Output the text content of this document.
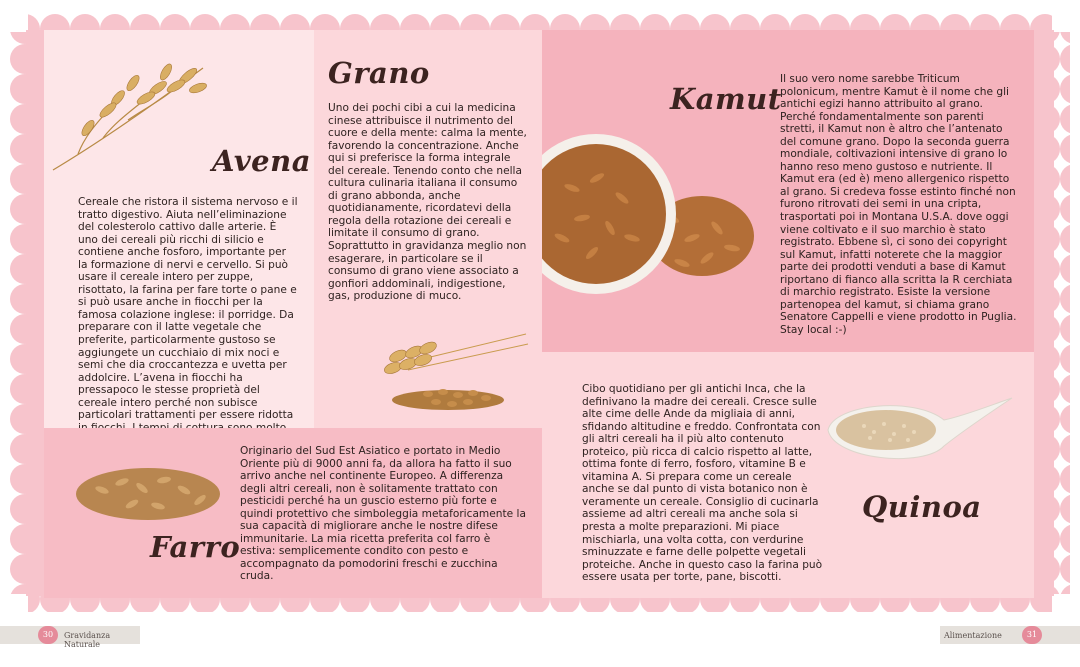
Avena
Cereale che ristora il sistema nervoso e il tratto digestivo. Aiuta nell’eliminazione del colesterolo cattivo dalle arterie. È uno dei cereali più ricchi di silicio e contiene anche fosforo, importante per la formazione di nervi e cervello. Si può usare il cereale intero per zuppe, risottato, la farina per fare torte o pane e si può usare anche in fiocchi per la famosa colazione inglese: il porridge. Da preparare con il latte vegetale che preferite, particolarmente gustoso se aggiungete un cucchiaio di mix noci e semi che dia croccantezza e uvetta per addolcire. L’avena in fiocchi ha pressapoco le stesse proprietà del cereale intero perché non subisce particolari trattamenti per essere ridotta
Grano
Uno dei pochi cibi a cui la medicina cinese attribuisce il nutrimento del cuore e della mente: calma la mente, favorendo la concentrazione. Anche qui si preferisce la forma integrale del cereale. Tenendo conto che nella cultura culinaria italiana il consumo di grano abbonda, anche quotidianamente, ricordatevi della regola della rotazione dei cereali e limitate il consumo di grano. Soprattutto in gravidanza meglio non esagerare, in particolare se il consumo di grano viene associato a gonfiori addominali, indigestione, gas, produzione di muco.
Kamut
Il suo vero nome sarebbe Triticum polonicum, mentre Kamut è il nome che gli antichi egizi hanno attribuito al grano. Perché fondamentalmente son parenti stretti, il Kamut non è altro che l’antenato del comune grano. Dopo la seconda guerra mondiale, coltivazioni intensive di grano lo hanno reso meno gustoso e nutriente. Il Kamut era (ed è) meno allergenico rispetto al grano. Si credeva fosse estinto finché non furono ritrovati dei semi in una cripta, trasportati poi in Montana U.S.A. dove oggi viene coltivato e il suo marchio è stato registrato. Ebbene sì, ci sono dei copyright sul Kamut, infatti noterete che la maggior parte dei prodotti venduti a base di Kamut riportano di fianco alla scritta la R cerchiata di marchio registrato. Esiste la versione partenopea del kamut, si chiama grano Senatore Cappelli e viene prodotto in Puglia. Stay local :-)
Farro
Originario del Sud Est Asiatico e portato in Medio Oriente più di 9000 anni fa, da allora ha fatto il suo arrivo anche nel continente Europeo. A differenza degli altri cereali, non è solitamente trattato con pesticidi perché ha un guscio esterno più forte e quindi protettivo che simboleggia metaforicamente la sua capacità di migliorare anche le nostre difese immunitarie. La mia ricetta preferita col farro è estiva: semplicemente condito con pesto e accompagnato da pomodorini freschi e zucchina cruda.
Cibo quotidiano per gli antichi Inca, che la definivano la madre dei cereali. Cresce sulle alte cime delle Ande da migliaia di anni, sfidando altitudine e freddo. Confrontata con gli altri cereali ha il più alto contenuto proteico, più ricca di calcio rispetto al latte, ottima fonte di ferro, fosforo, vitamine B e vitamina A. Si prepara come un cereale anche se dal punto di vista botanico non è veramente un cereale. Consiglio di cucinarla assieme ad altri cereali ma anche sola si presta a molte preparazioni. Mi piace mischiarla, una volta cotta, con verdurine sminuzzate e farne delle polpette vegetali proteiche. Anche in questo caso la farina può essere usata per torte, pane, biscotti.
Quinoa
30	Gravidanza Naturale
Alimentazione	31
